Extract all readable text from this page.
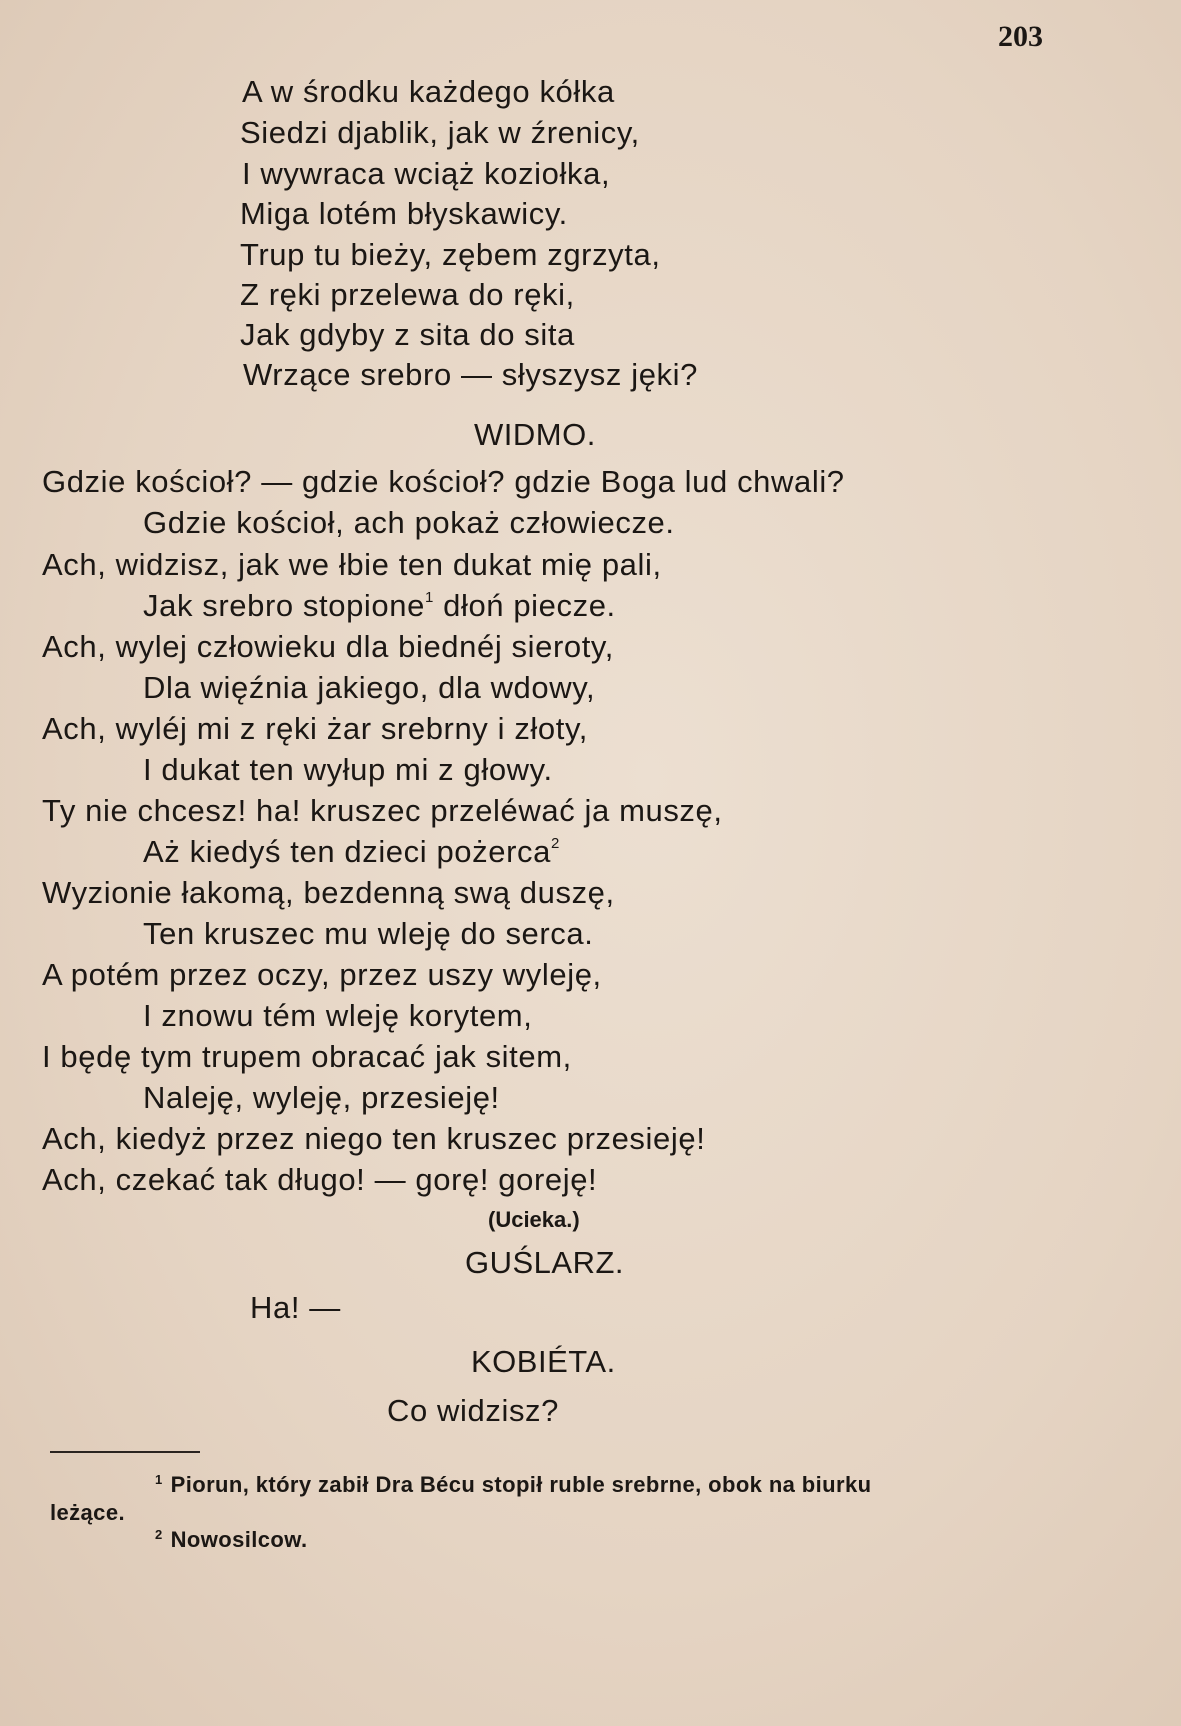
203
A w środku każdego kółka
Siedzi djablik, jak w źrenicy,
I wywraca wciąż koziołka,
Miga lotém błyskawicy.
Trup tu bieży, zębem zgrzyta,
Z ręki przelewa do ręki,
Jak gdyby z sita do sita
Wrzące srebro — słyszysz jęki?
WIDMO.
Gdzie kościoł? — gdzie kościoł? gdzie Boga lud chwali?
Gdzie kościoł, ach pokaż człowiecze.
Ach, widzisz, jak we łbie ten dukat mię pali,
Jak srebro stopione$^1$ dłoń piecze.
Ach, wylej człowieku dla biednéj sieroty,
Dla więźnia jakiego, dla wdowy,
Ach, wyléj mi z ręki żar srebrny i złoty,
I dukat ten wyłup mi z głowy.
Ty nie chcesz! ha! kruszec przeléwać ja muszę,
Aż kiedyś ten dzieci pożerca$^2$
Wyzionie łakomą, bezdenną swą duszę,
Ten kruszec mu wleję do serca.
A potém przez oczy, przez uszy wyleję,
I znowu tém wleję korytem,
I będę tym trupem obracać jak sitem,
Naleję, wyleję, przesieję!
Ach, kiedyż przez niego ten kruszec przesieję!
Ach, czekać tak długo! — gorę! goreję!
(Ucieka.)
GUŚLARZ.
Ha! —
KOBIÉTA.
Co widzisz?
$^1$ Piorun, który zabił Dra Bécu stopił ruble srebrne, obok na biurku
leżące.
$^2$ Nowosilcow.
